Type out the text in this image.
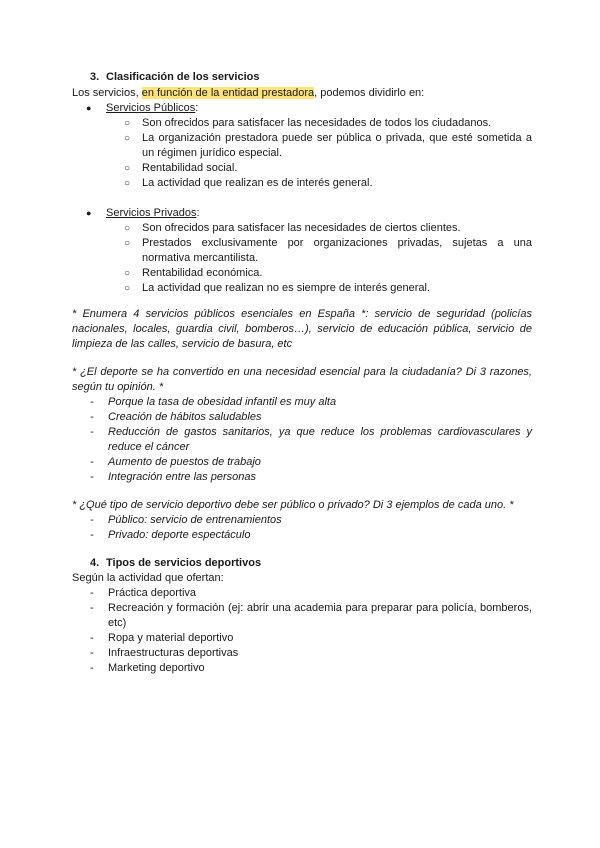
3. Clasificación de los servicios
Los servicios, en función de la entidad prestadora, podemos dividirlo en:
●	Servicios Públicos:
○	Son ofrecidos para satisfacer las necesidades de todos los ciudadanos.
○	La organización prestadora puede ser pública o privada, que esté sometida a un régimen jurídico especial.
○	Rentabilidad social.
○	La actividad que realizan es de interés general.
●	Servicios Privados:
○	Son ofrecidos para satisfacer las necesidades de ciertos clientes.
○	Prestados exclusivamente por organizaciones privadas, sujetas a una normativa mercantilista.
○	Rentabilidad económica.
○	La actividad que realizan no es siempre de interés general.
* Enumera 4 servicios públicos esenciales en España *: servicio de seguridad (policías nacionales, locales, guardia civil, bomberos…), servicio de educación pública, servicio de limpieza de las calles, servicio de basura, etc
* ¿El deporte se ha convertido en una necesidad esencial para la ciudadanía? Di 3 razones, según tu opinión. *
-	Porque la tasa de obesidad infantil es muy alta
-	Creación de hábitos saludables
-	Reducción de gastos sanitarios, ya que reduce los problemas cardiovasculares y reduce el cáncer
-	Aumento de puestos de trabajo
-	Integración entre las personas
* ¿Qué tipo de servicio deportivo debe ser público o privado? Di 3 ejemplos de cada uno. *
-	Público: servicio de entrenamientos
-	Privado: deporte espectáculo
4. Tipos de servicios deportivos
Según la actividad que ofertan:
-	Práctica deportiva
-	Recreación y formación (ej: abrir una academia para preparar para policía, bomberos, etc)
-	Ropa y material deportivo
-	Infraestructuras deportivas
-	Marketing deportivo
